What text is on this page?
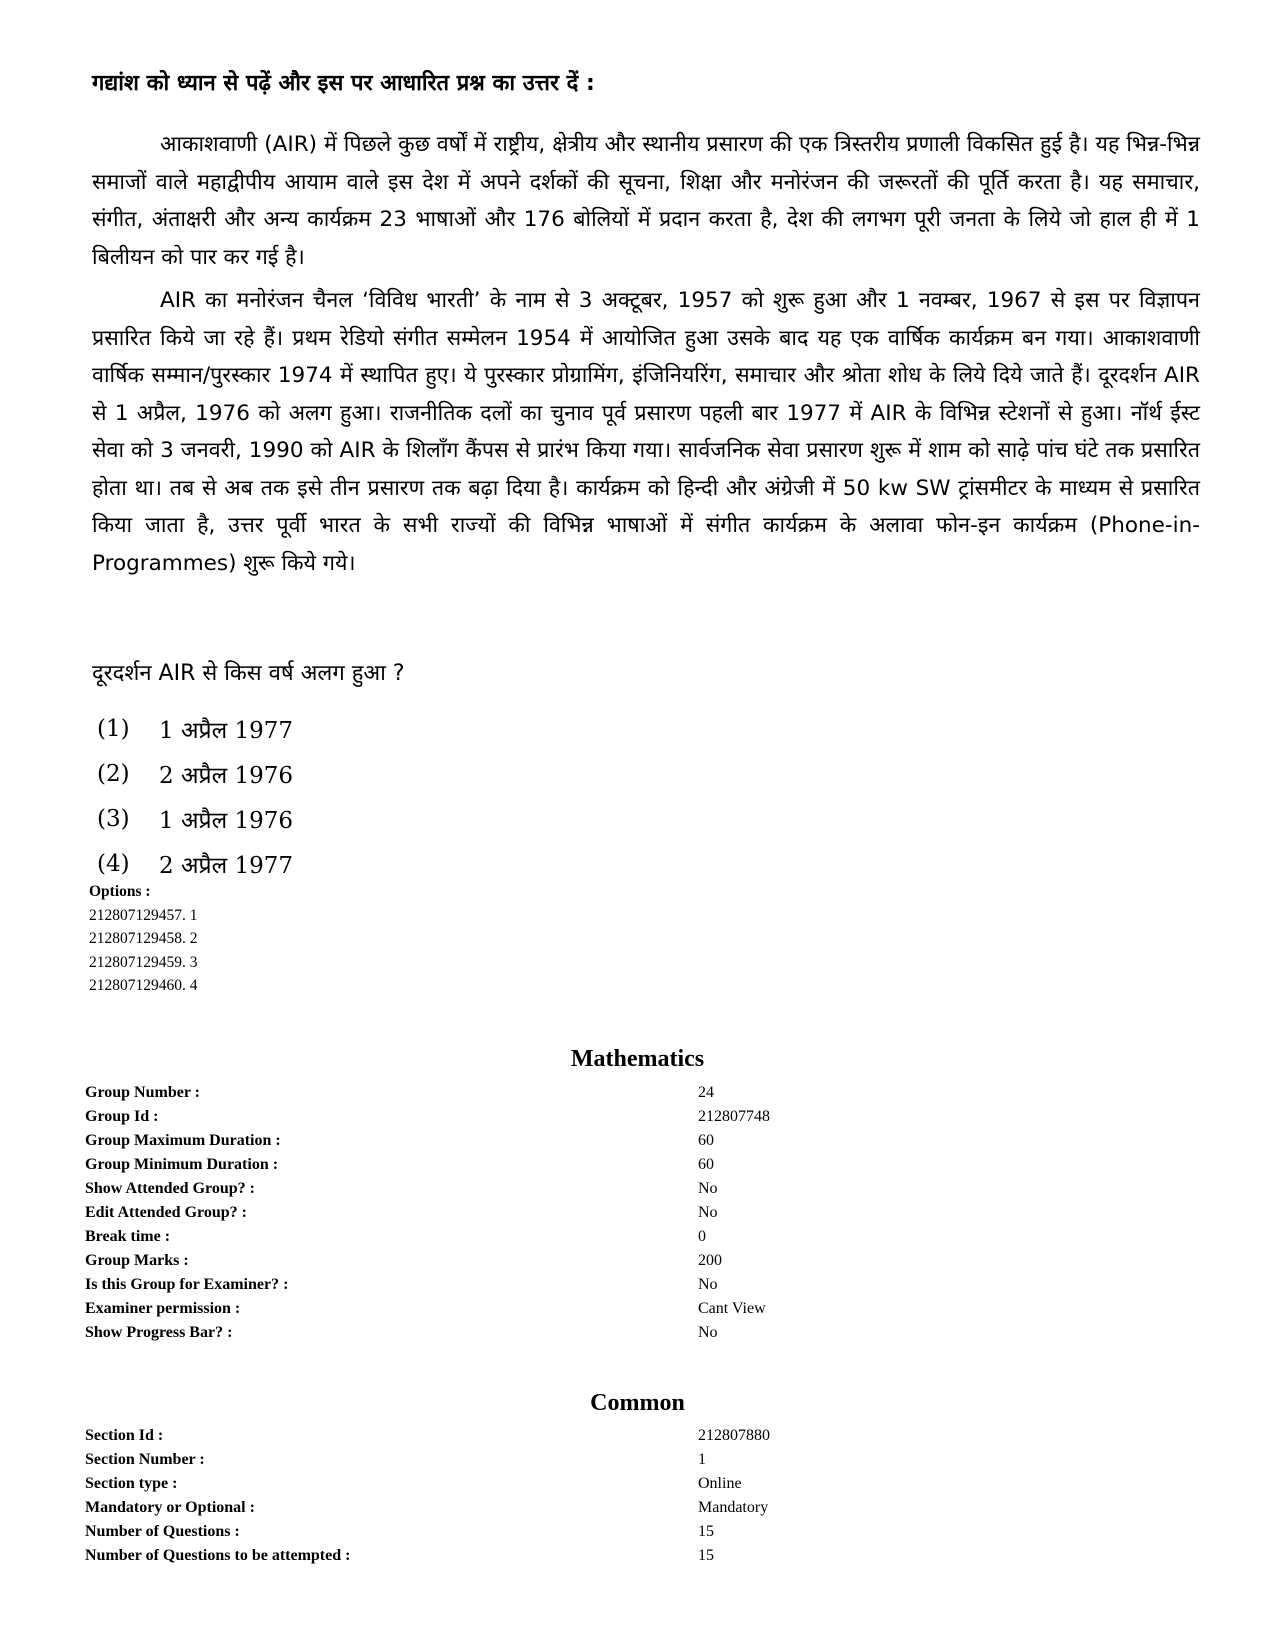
गद्यांश को ध्यान से पढ़ें और इस पर आधारित प्रश्न का उत्तर दें :

आकाशवाणी (AIR) में पिछले कुछ वर्षों में राष्ट्रीय, क्षेत्रीय और स्थानीय प्रसारण की एक त्रिस्तरीय प्रणाली विकसित हुई है। यह भिन्न-भिन्न समाजों वाले महाद्वीपीय आयाम वाले इस देश में अपने दर्शकों की सूचना, शिक्षा और मनोरंजन की जरूरतों की पूर्ति करता है। यह समाचार, संगीत, अंताक्षरी और अन्य कार्यक्रम 23 भाषाओं और 176 बोलियों में प्रदान करता है, देश की लगभग पूरी जनता के लिये जो हाल ही में 1 बिलीयन को पार कर गई है।

AIR का मनोरंजन चैनल ‘विविध भारती’ के नाम से 3 अक्टूबर, 1957 को शुरू हुआ और 1 नवम्बर, 1967 से इस पर विज्ञापन प्रसारित किये जा रहे हैं। प्रथम रेडियो संगीत सम्मेलन 1954 में आयोजित हुआ उसके बाद यह एक वार्षिक कार्यक्रम बन गया। आकाशवाणी वार्षिक सम्मान/पुरस्कार 1974 में स्थापित हुए। ये पुरस्कार प्रोग्रामिंग, इंजिनियरिंग, समाचार और श्रोता शोध के लिये दिये जाते हैं। दूरदर्शन AIR से 1 अप्रैल, 1976 को अलग हुआ। राजनीतिक दलों का चुनाव पूर्व प्रसारण पहली बार 1977 में AIR के विभिन्न स्टेशनों से हुआ। नॉर्थ ईस्ट सेवा को 3 जनवरी, 1990 को AIR के शिलाँग कैंपस से प्रारंभ किया गया। सार्वजनिक सेवा प्रसारण शुरू में शाम को साढ़े पांच घंटे तक प्रसारित होता था। तब से अब तक इसे तीन प्रसारण तक बढ़ा दिया है। कार्यक्रम को हिन्दी और अंग्रेजी में 50 kw SW ट्रांसमीटर के माध्यम से प्रसारित किया जाता है, उत्तर पूर्वी भारत के सभी राज्यों की विभिन्न भाषाओं में संगीत कार्यक्रम के अलावा फोन-इन कार्यक्रम (Phone-in-Programmes) शुरू किये गये।

दूरदर्शन AIR से किस वर्ष अलग हुआ ?
(1)	1 अप्रैल 1977
(2)	2 अप्रैल 1976
(3)	1 अप्रैल 1976
(4)	2 अप्रैल 1977
Options :
212807129457. 1
212807129458. 2
212807129459. 3
212807129460. 4
Mathematics
Group Number :	24
Group Id :	212807748
Group Maximum Duration :	60
Group Minimum Duration :	60
Show Attended Group? :	No
Edit Attended Group? :	No
Break time :	0
Group Marks :	200
Is this Group for Examiner? :	No
Examiner permission :	Cant View
Show Progress Bar? :	No
Common
Section Id :	212807880
Section Number :	1
Section type :	Online
Mandatory or Optional :	Mandatory
Number of Questions :	15
Number of Questions to be attempted :	15
